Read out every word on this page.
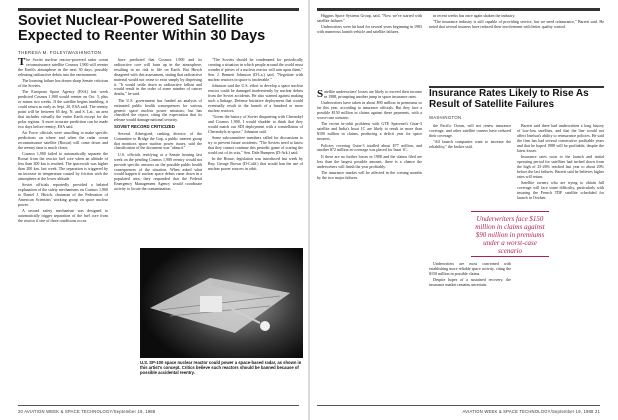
Soviet Nuclear-Powered Satellite Expected to Reenter Within 30 Days
THERESA M. FOLEY/WASHINGTON

The Soviet nuclear reactor-powered radar ocean reconnaissance satellite Cosmos 1,900 will reenter the Earth's atmosphere in the next 30 days, possibly releasing radioactive debris into the environment.

The looming failure has drawn sharp Senate criticism of the Soviets.

The European Space Agency (ESA) last week predicted Cosmos 1,900 would reenter on Oct. 5, plus or minus two weeks. If the satellite begins tumbling, it could return as early as Sept. 20, ESA said. The reentry point will be between 65 deg. N. and S. Lat., an area that includes virtually the entire Earth except for the polar regions. A more accurate prediction can be made two days before reentry, ESA said.

Air Force officials were unwilling to make specific predictions on where and when the radar ocean reconnaissance satellite (Rorsat) will come down and the reentry time is much closer.

Cosmos 1,900 failed to automatically separate the Rorsat from the reactor fuel core when an altitude of less than 300 km is reached. The spacecraft was higher than 200 km. last week. The separation is triggered by an increase in temperature caused by friction with the atmosphere at the lower altitude.

Soviet officials reportedly provided a belated explanation of the safety mechanisms on Cosmos 1,900 to Daniel J. Hirsch, chairman of the Federation of American Scientists' working group on space nuclear power.

A second safety mechanism was designed to automatically trigger separation of the fuel core from the reactor if one of three conditions occur.

have predicted that Cosmos 1,900 and its radioactive core will burn up in the atmosphere, resulting in no risk to life on Earth. But Hirsch disagreed with this assessment, stating that radioactive material would not cease to exist simply by dispersing it. "It would settle down as radioactive fallout and would result in the order of some number of cancer deaths," he said.

The U.S. government has funded an analysis of estimated public health consequences for various generic space nuclear power missions, but has classified the report, citing the expectation that its release would damage national security.

SOVIET RECORD CRITICIZED

Several. Atheogoed, ranking director of the Committee to Bridge the Gap, a public interest group that monitors space nuclear power issues, said the classification of the document was "absurd."

U.S. officials testifying at a Senate hearing last week on the pending Cosmos 1,900 reentry would not provide specific answers on the possible public health consequences of the situation. When asked what would happen if nuclear space debris came down in a populated area, they responded that the Federal Emergency Management Agency would coordinate activity to locate the contamination.

"The Soviets should be condemned for periodically creating a situation in which people around the world must wonder if pieces of a nuclear reactor will rain upon them," Sen. J. Bennett Johnston (D-La.) said. "Negotiate with nuclear reactors in space is intolerable."

Johnston said the U.S. effort to develop a space nuclear reactor could be damaged inadvertently by nuclear debris from the Soviet accidents. He also warned against making such a linkage. Defense Initiative deployment that would eventually result in the launch of a hundred or more nuclear reactors.

"Given the history of Soviet disquieting with Chernobyl and Cosmos 1,900, I would shudder to think that they would match our SDI deployment with a constellation of Chernobyls in space," Johnston said.

Some subcommittee members called for discussions to try to prevent future accidents. "The Soviets need to know that they cannot continue this periodic game of scaring the world out of its wits," Sen. Dale Bumpers (D-Ark.) said.

In the House, legislation was introduced last week by Rep. George Brown (D-Calif.) that would ban the use of nuclear power sources in orbit.

U.S. SP-100 space nuclear reactor could power a space-based radar, as shown in this artist's concept. Critics believe such reactors should be banned because of possible accidental reentry.
20 AVIATION WEEK & SPACE TECHNOLOGY/September 19, 1988

Higgins Space Systems Group, said, "Now we've started with satellite failures."

Underwriters were hit hard for several years beginning in 1983 with numerous launch vehicle and satellite failures.

in recent weeks has once again shaken the industry.

"The insurance industry is still capable of providing service, but we need reinsurance," Barrett said. He noted that several insurers have reduced their involvement with better quality control.

Insurance Rates Likely to Rise As Result of Satellite Failures
WASHINGTON

Satellite underwriters' losses are likely to exceed their income in 1988, prompting another jump in space insurance rates.

Underwriters have taken in about $90 million in premiums so far this year, according to insurance officials. But they face a possible $150 million in claims against these payments, with a worst-case scenario.

The recent in-orbit problems with GTE Spacenet's Gstar-3 satellite and India's Insat 1C are likely to result in more than $100 million in claims, producing a deficit year for space insurers.

Policies covering Gstar-3 totalled about $77 million, and another $72 million in coverage was placed for Insat 1C.

If these are no further losses in 1988 and the claims filed are less than the largest possible amount, there is a chance the underwriters will finish the year profitably.

The insurance market will be affected in the coming months by the two major failures.

the Pacific Ocean, will not renew insurance coverage, and other satellite owners have reduced their coverage.

"All launch companies want to increase the reliability," the broker said.

Underwriters face $150 million in claims against $90 million in premiums under a worst-case scenario

Underwriters are most concerned with establishing more reliable space activity, citing the $150 million in possible claims.

Despite hopes of a sustained recovery, the insurance market remains uncertain.

Barrett said there had underwritten a long history of low-loss satellites, and that the line would not affect Intelsat's ability to reinsurance policies. He said the firm has had several consecutive profitable years and that he hoped 1988 will be profitable, despite the latest losses.

Insurance rates soon to the launch and initial operating period for satellites had inched down from the high of 25-26% reached last year to about 20% before the last failures. Barrett said he believes higher rates will return.

Satellite owners who are trying to obtain full coverage will face some difficulty, particularly with insuring the French TDF satellite scheduled for launch in October.

AVIATION WEEK & SPACE TECHNOLOGY/September 19, 1988 21
